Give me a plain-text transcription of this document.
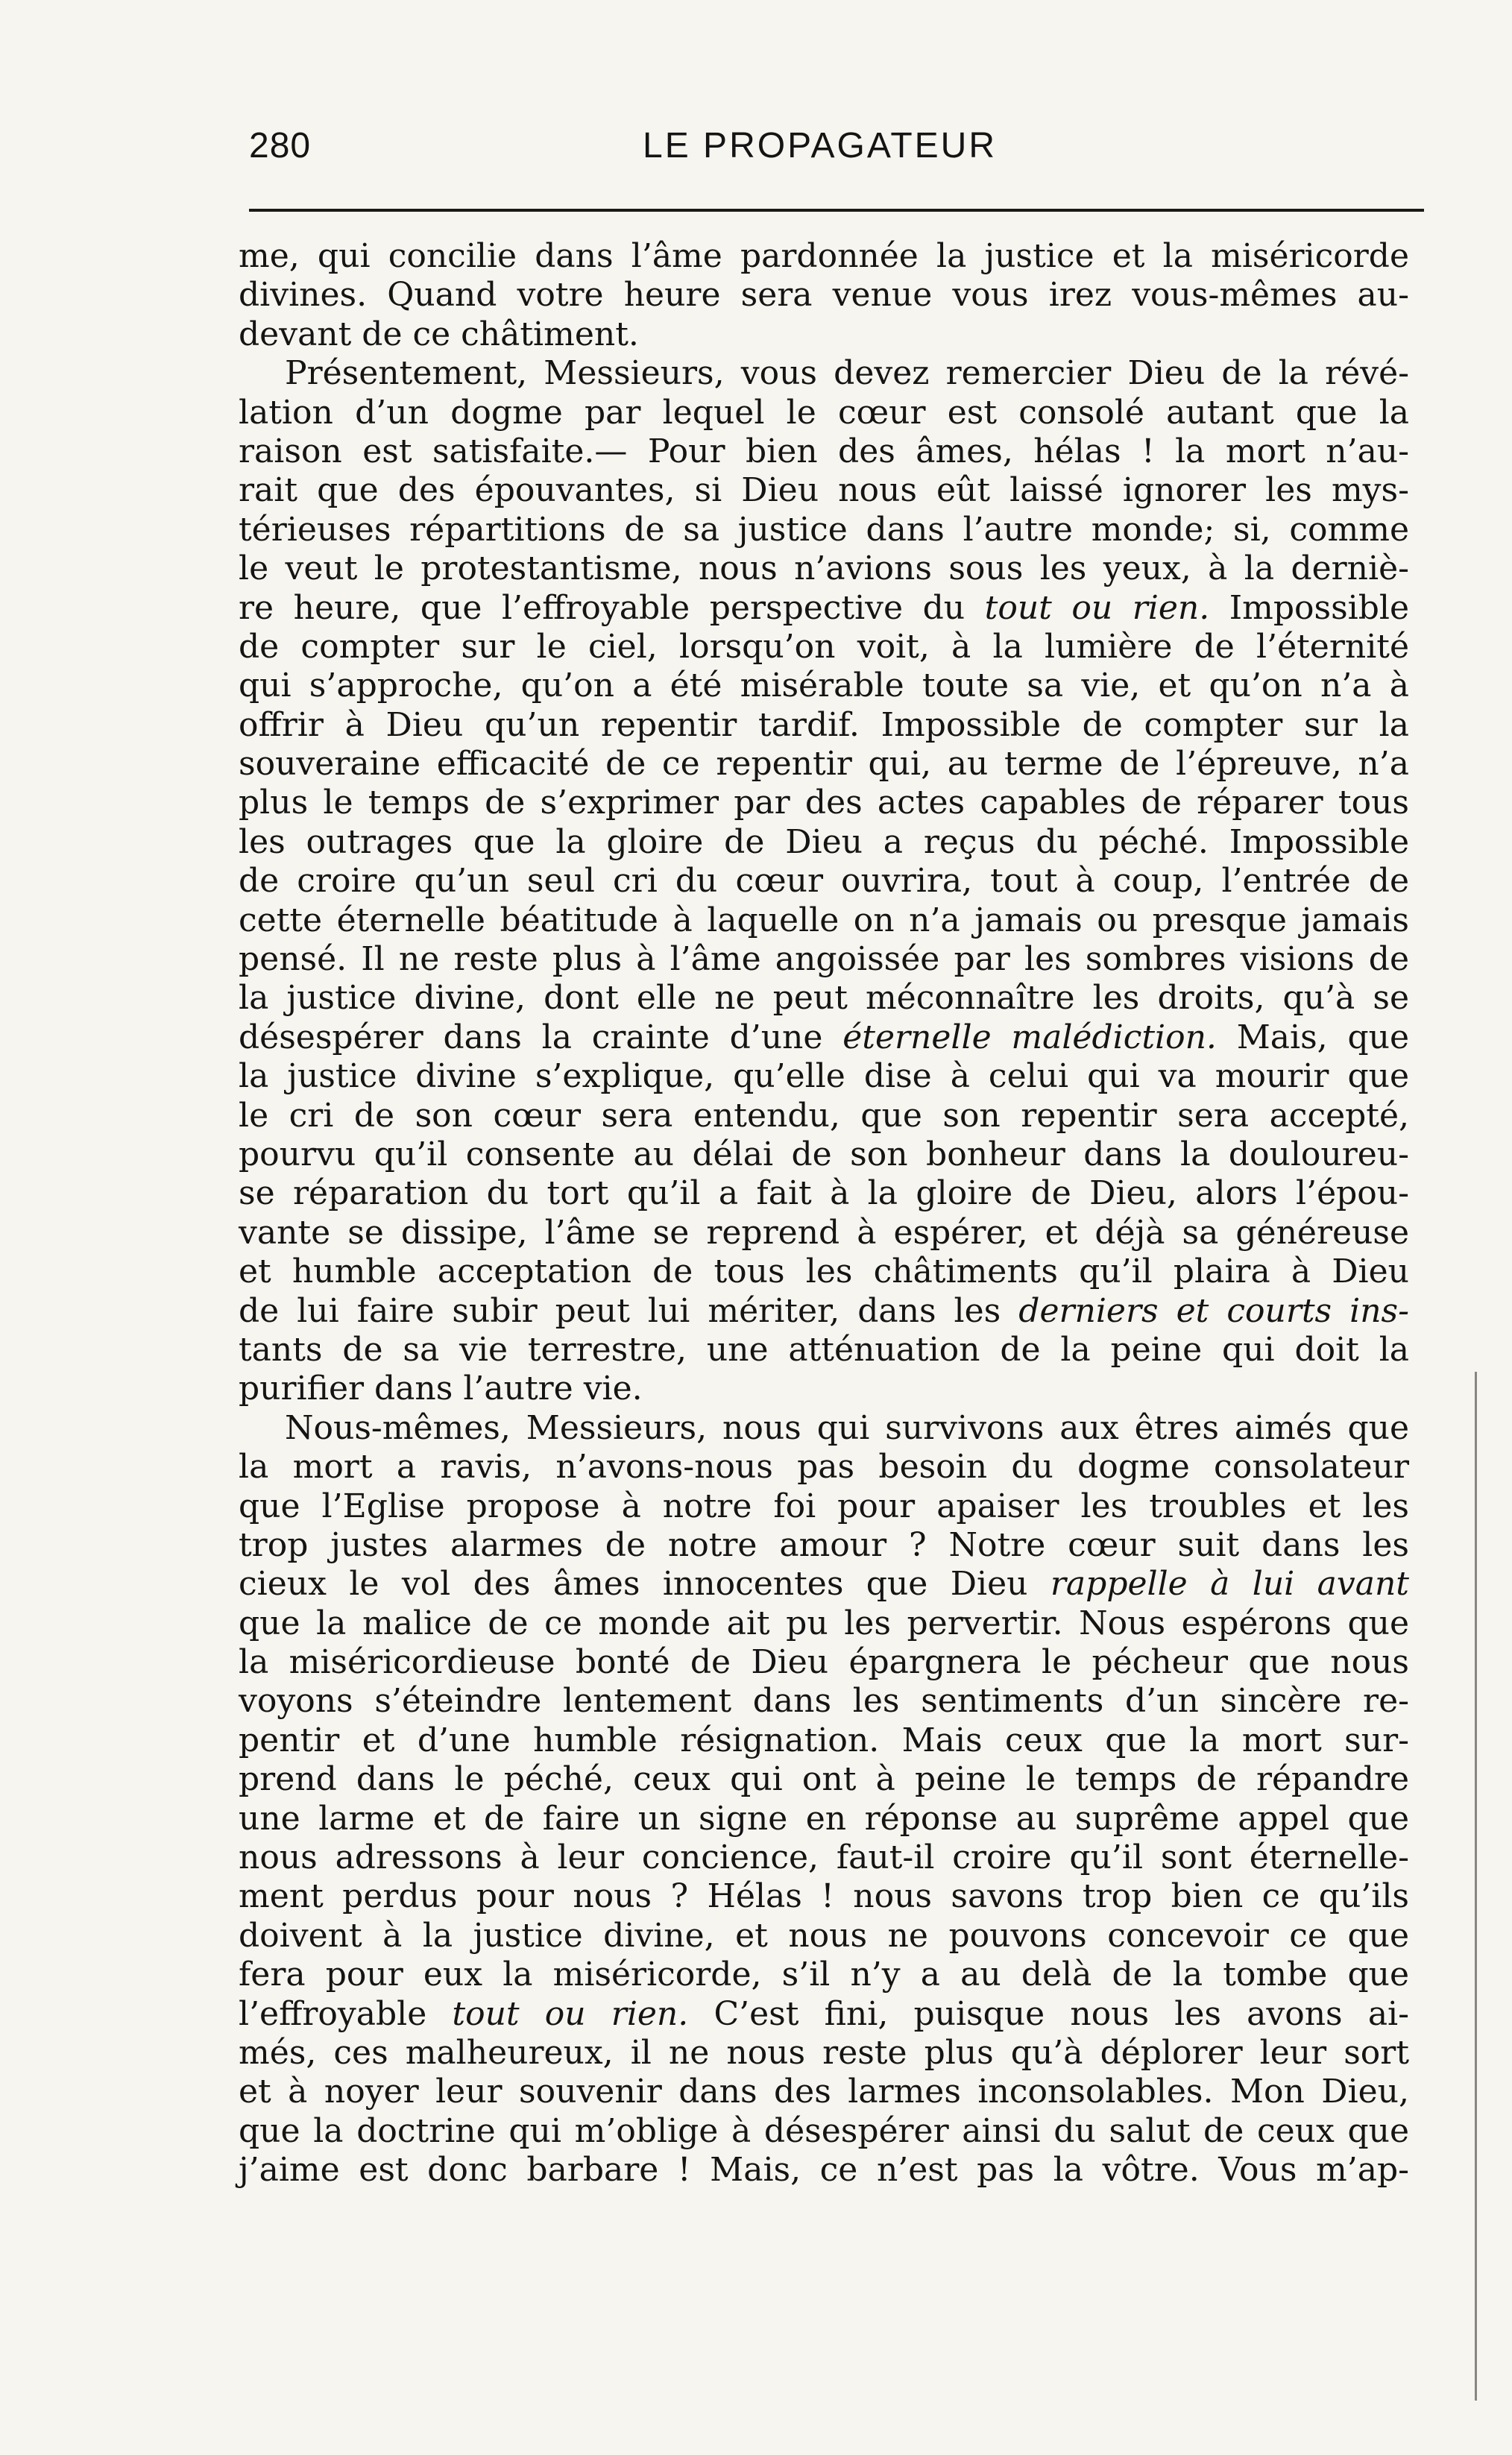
280	LE PROPAGATEUR
me, qui concilie dans l’âme pardonnée la justice et la miséricorde
divines. Quand votre heure sera venue vous irez vous-mêmes au-
devant de ce châtiment.
Présentement, Messieurs, vous devez remercier Dieu de la révé-
lation d’un dogme par lequel le cœur est consolé autant que la
raison est satisfaite.— Pour bien des âmes, hélas ! la mort n’au-
rait que des épouvantes, si Dieu nous eût laissé ignorer les mys-
térieuses répartitions de sa justice dans l’autre monde; si, comme
le veut le protestantisme, nous n’avions sous les yeux, à la derniè-
re heure, que l’effroyable perspective du tout ou rien. Impossible
de compter sur le ciel, lorsqu’on voit, à la lumière de l’éternité
qui s’approche, qu’on a été misérable toute sa vie, et qu’on n’a à
offrir à Dieu qu’un repentir tardif. Impossible de compter sur la
souveraine efficacité de ce repentir qui, au terme de l’épreuve, n’a
plus le temps de s’exprimer par des actes capables de réparer tous
les outrages que la gloire de Dieu a reçus du péché. Impossible
de croire qu’un seul cri du cœur ouvrira, tout à coup, l’entrée de
cette éternelle béatitude à laquelle on n’a jamais ou presque jamais
pensé. Il ne reste plus à l’âme angoissée par les sombres visions de
la justice divine, dont elle ne peut méconnaître les droits, qu’à se
désespérer dans la crainte d’une éternelle malédiction. Mais, que
la justice divine s’explique, qu’elle dise à celui qui va mourir que
le cri de son cœur sera entendu, que son repentir sera accepté,
pourvu qu’il consente au délai de son bonheur dans la douloureu-
se réparation du tort qu’il a fait à la gloire de Dieu, alors l’épou-
vante se dissipe, l’âme se reprend à espérer, et déjà sa généreuse
et humble acceptation de tous les châtiments qu’il plaira à Dieu
de lui faire subir peut lui mériter, dans les derniers et courts ins-
tants de sa vie terrestre, une atténuation de la peine qui doit la
purifier dans l’autre vie.
Nous-mêmes, Messieurs, nous qui survivons aux êtres aimés que
la mort a ravis, n’avons-nous pas besoin du dogme consolateur
que l’Eglise propose à notre foi pour apaiser les troubles et les
trop justes alarmes de notre amour ? Notre cœur suit dans les
cieux le vol des âmes innocentes que Dieu rappelle à lui avant
que la malice de ce monde ait pu les pervertir. Nous espérons que
la miséricordieuse bonté de Dieu épargnera le pécheur que nous
voyons s’éteindre lentement dans les sentiments d’un sincère re-
pentir et d’une humble résignation. Mais ceux que la mort sur-
prend dans le péché, ceux qui ont à peine le temps de répandre
une larme et de faire un signe en réponse au suprême appel que
nous adressons à leur concience, faut-il croire qu’il sont éternelle-
ment perdus pour nous ? Hélas ! nous savons trop bien ce qu’ils
doivent à la justice divine, et nous ne pouvons concevoir ce que
fera pour eux la miséricorde, s’il n’y a au delà de la tombe que
l’effroyable tout ou rien. C’est fini, puisque nous les avons ai-
més, ces malheureux, il ne nous reste plus qu’à déplorer leur sort
et à noyer leur souvenir dans des larmes inconsolables. Mon Dieu,
que la doctrine qui m’oblige à désespérer ainsi du salut de ceux que
j’aime est donc barbare ! Mais, ce n’est pas la vôtre. Vous m’ap-
